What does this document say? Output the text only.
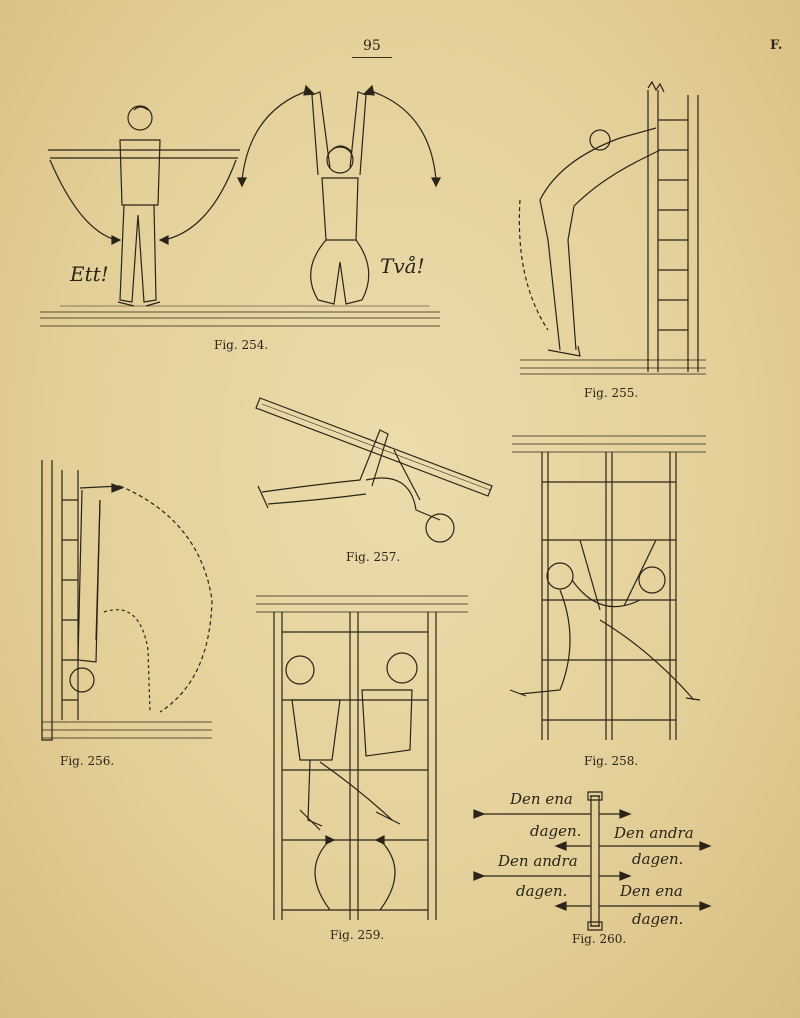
95	F.
Ett!	Två!
Fig. 254.
Fig. 255.
Fig. 256.
Fig. 257.
Fig. 258.
Fig. 259.
Den ena
dagen. Den andra
dagen.
Den andra
dagen.	Den ena
dagen.
Fig. 260.
